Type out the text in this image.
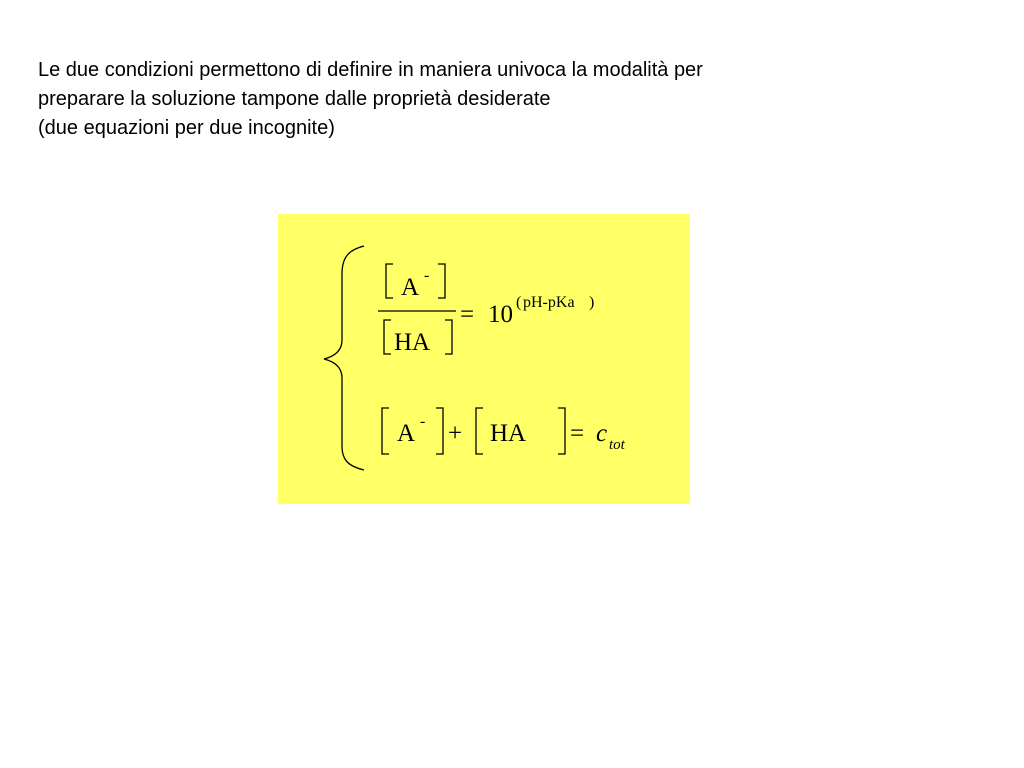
Le due condizioni permettono di definire in maniera univoca la modalità per
preparare la soluzione tampone dalle proprietà desiderate
(due equazioni per due incognite)
A -
HA
= 10 ( pH-pKa )
A - + HA = c tot
